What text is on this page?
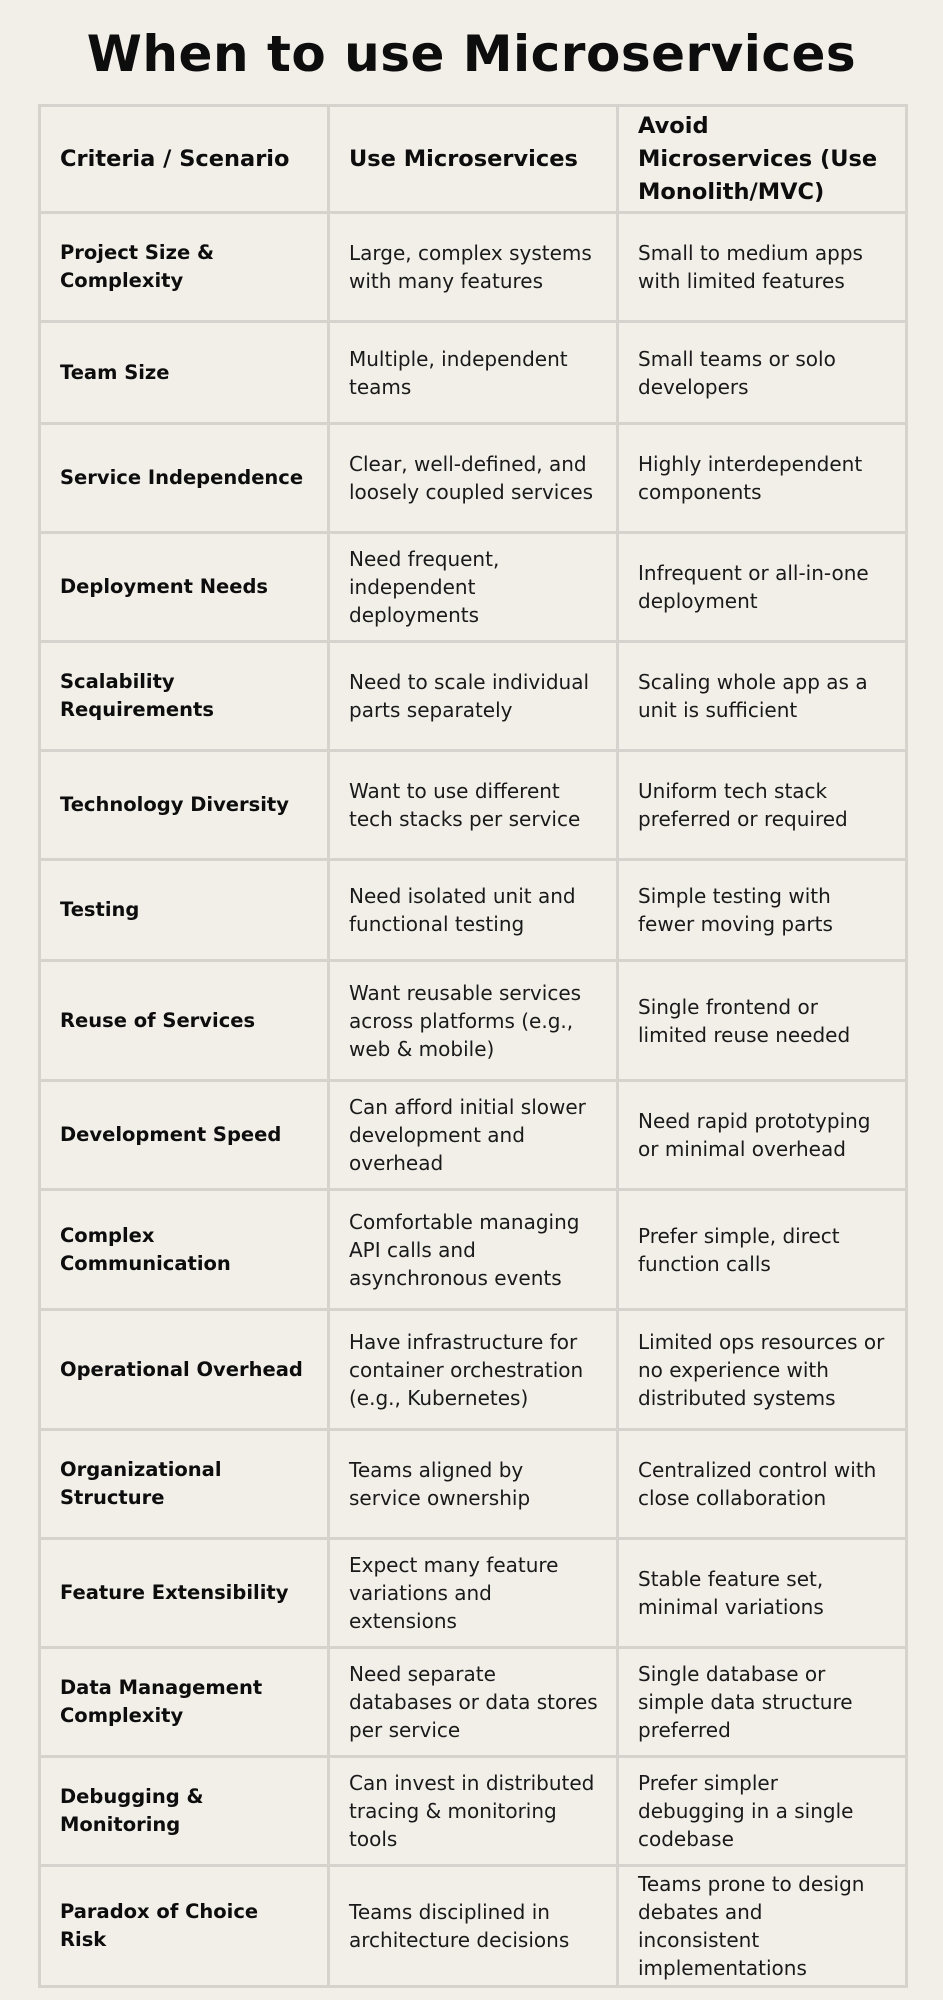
When to use Microservices
Criteria / Scenario	Use Microservices	Avoid Microservices (Use Monolith/MVC)
Project Size & Complexity	Large, complex systems with many features	Small to medium apps with limited features
Team Size	Multiple, independent teams	Small teams or solo developers
Service Independence	Clear, well-defined, and loosely coupled services	Highly interdependent components
Deployment Needs	Need frequent, independent deployments	Infrequent or all-in-one deployment
Scalability Requirements	Need to scale individual parts separately	Scaling whole app as a unit is sufficient
Technology Diversity	Want to use different tech stacks per service	Uniform tech stack preferred or required
Testing	Need isolated unit and functional testing	Simple testing with fewer moving parts
Reuse of Services	Want reusable services across platforms (e.g., web & mobile)	Single frontend or limited reuse needed
Development Speed	Can afford initial slower development and overhead	Need rapid prototyping or minimal overhead
Complex Communication	Comfortable managing API calls and asynchronous events	Prefer simple, direct function calls
Operational Overhead	Have infrastructure for container orchestration (e.g., Kubernetes)	Limited ops resources or no experience with distributed systems
Organizational Structure	Teams aligned by service ownership	Centralized control with close collaboration
Feature Extensibility	Expect many feature variations and extensions	Stable feature set, minimal variations
Data Management Complexity	Need separate databases or data stores per service	Single database or simple data structure preferred
Debugging & Monitoring	Can invest in distributed tracing & monitoring tools	Prefer simpler debugging in a single codebase
Paradox of Choice Risk	Teams disciplined in architecture decisions	Teams prone to design debates and inconsistent implementations
